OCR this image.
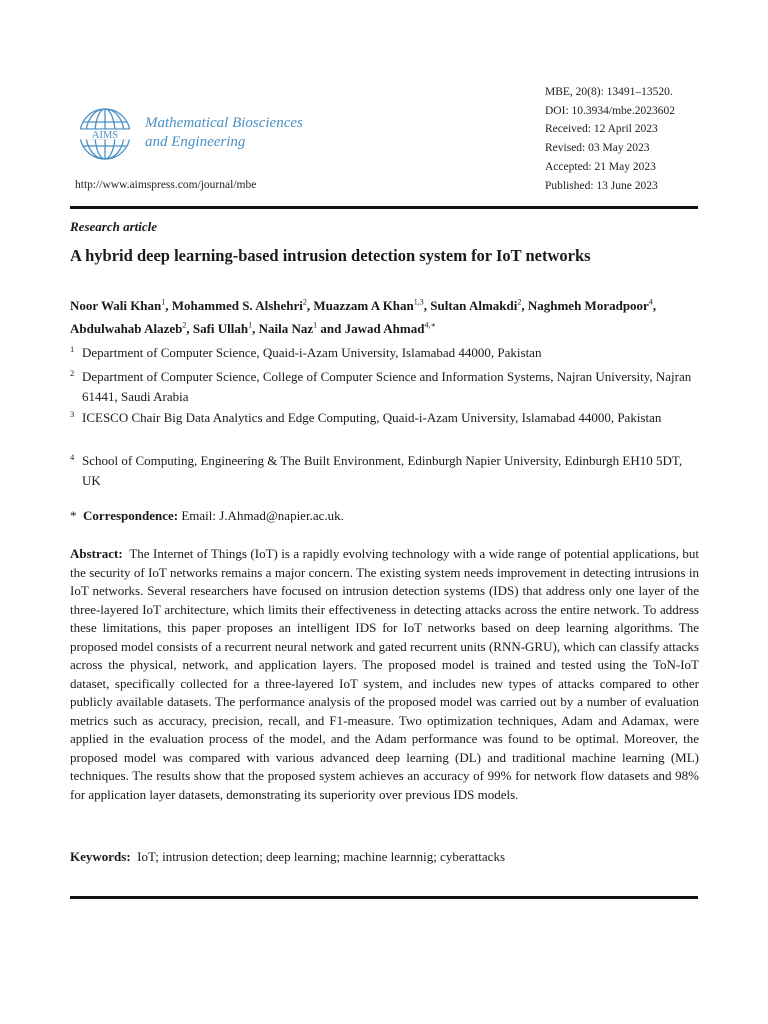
AIMS
Mathematical Biosciences
and Engineering
http://www.aimspress.com/journal/mbe
MBE, 20(8): 13491–13520.
DOI: 10.3934/mbe.2023602
Received: 12 April 2023
Revised: 03 May 2023
Accepted: 21 May 2023
Published: 13 June 2023
Research article
A hybrid deep learning-based intrusion detection system for IoT networks
Noor Wali Khan$^1$, Mohammed S. Alshehri$^2$, Muazzam A Khan$^{1,3}$, Sultan Almakdi$^2$, Naghmeh Moradpoor$^4$, Abdulwahab Alazeb$^2$, Safi Ullah$^1$, Naila Naz$^1$ and Jawad Ahmad$^{4,∗}$
1 Department of Computer Science, Quaid-i-Azam University, Islamabad 44000, Pakistan
2 Department of Computer Science, College of Computer Science and Information Systems, Najran University, Najran 61441, Saudi Arabia
3 ICESCO Chair Big Data Analytics and Edge Computing, Quaid-i-Azam University, Islamabad 44000, Pakistan
4 School of Computing, Engineering & The Built Environment, Edinburgh Napier University, Edinburgh EH10 5DT, UK
* Correspondence: Email: J.Ahmad@napier.ac.uk.
Abstract: The Internet of Things (IoT) is a rapidly evolving technology with a wide range of potential applications, but the security of IoT networks remains a major concern. The existing system needs improvement in detecting intrusions in IoT networks. Several researchers have focused on intrusion detection systems (IDS) that address only one layer of the three-layered IoT architecture, which limits their effectiveness in detecting attacks across the entire network. To address these limitations, this paper proposes an intelligent IDS for IoT networks based on deep learning algorithms. The proposed model consists of a recurrent neural network and gated recurrent units (RNN-GRU), which can classify attacks across the physical, network, and application layers. The proposed model is trained and tested using the ToN-IoT dataset, specifically collected for a three-layered IoT system, and includes new types of attacks compared to other publicly available datasets. The performance analysis of the proposed model was carried out by a number of evaluation metrics such as accuracy, precision, recall, and F1-measure. Two optimization techniques, Adam and Adamax, were applied in the evaluation process of the model, and the Adam performance was found to be optimal. Moreover, the proposed model was compared with various advanced deep learning (DL) and traditional machine learning (ML) techniques. The results show that the proposed system achieves an accuracy of 99% for network flow datasets and 98% for application layer datasets, demonstrating its superiority over previous IDS models.
Keywords: IoT; intrusion detection; deep learning; machine learnnig; cyberattacks
